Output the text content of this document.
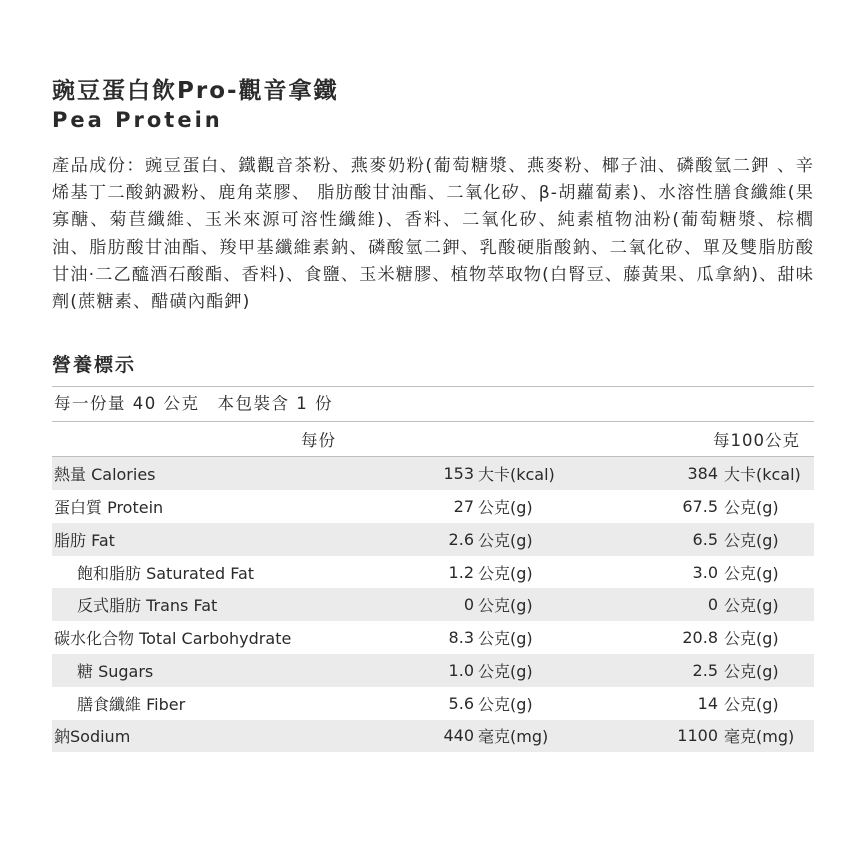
豌豆蛋白飲Pro-觀音拿鐵
Pea Protein
產品成份：豌豆蛋白、鐵觀音茶粉、燕麥奶粉(葡萄糖漿、燕麥粉、椰子油、磷酸氫二鉀 、辛烯基丁二酸鈉澱粉、鹿角菜膠、 脂肪酸甘油酯、二氧化矽、β-胡蘿蔔素)、水溶性膳食纖維(果寡醣、菊苣纖維、玉米來源可溶性纖維)、香料、二氧化矽、純素植物油粉(葡萄糖漿、棕櫚油、脂肪酸甘油酯、羧甲基纖維素鈉、磷酸氫二鉀、乳酸硬脂酸鈉、二氧化矽、單及雙脂肪酸甘油·二乙醯酒石酸酯、香料)、食鹽、玉米糖膠、植物萃取物(白腎豆、藤黃果、瓜拿納)、甜味劑(蔗糖素、醋磺內酯鉀)
營養標示
每一份量 40 公克　本包裝含 1 份
每份			每100公克	
熱量 Calories	153	大卡(kcal)	384	大卡(kcal)
蛋白質 Protein	27	公克(g)	67.5	公克(g)
脂肪 Fat	2.6	公克(g)	6.5	公克(g)
飽和脂肪 Saturated Fat	1.2	公克(g)	3.0	公克(g)
反式脂肪 Trans Fat	0	公克(g)	0	公克(g)
碳水化合物 Total Carbohydrate	8.3	公克(g)	20.8	公克(g)
糖 Sugars	1.0	公克(g)	2.5	公克(g)
膳食纖維 Fiber	5.6	公克(g)	14	公克(g)
鈉Sodium	440	毫克(mg)	1100	毫克(mg)
